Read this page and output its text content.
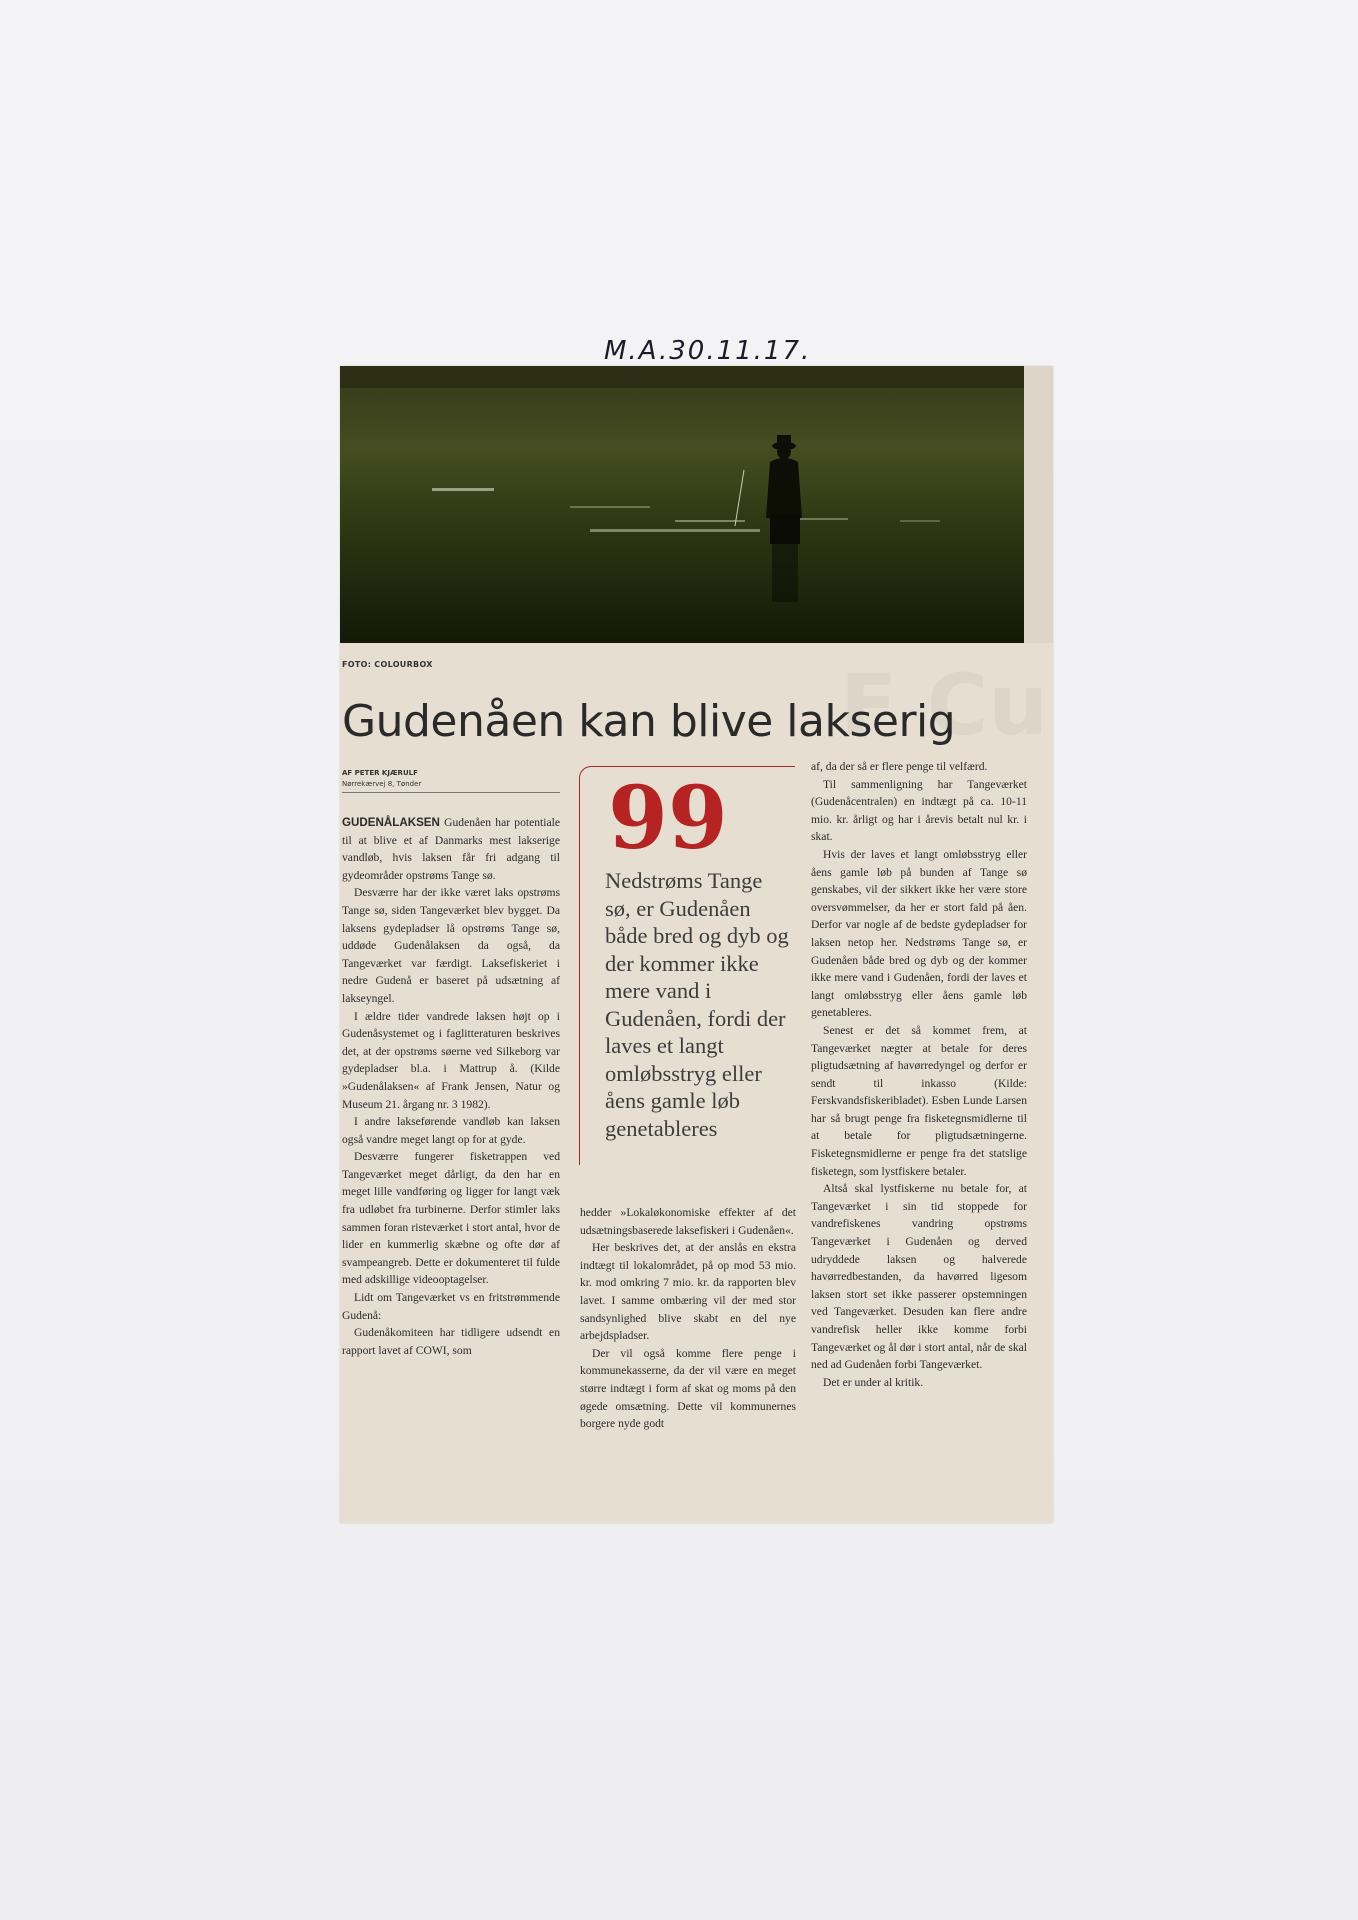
M.A.30.11.17.
FOTO: COLOURBOX
Gudenåen kan blive lakserig
AF PETER KJÆRULF
Nørrekærvej 8, Tønder

GUDENÅLAKSEN Gudenåen har potentiale til at blive et af Danmarks mest lakserige vandløb, hvis laksen får fri adgang til gydeområder opstrøms Tange sø.

Desværre har der ikke været laks opstrøms Tange sø, siden Tangeværket blev bygget. Da laksens gydepladser lå opstrøms Tange sø, uddøde Gudenålaksen da også, da Tangeværket var færdigt. Laksefiskeriet i nedre Gudenå er baseret på udsætning af lakseyngel.

I ældre tider vandrede laksen højt op i Gudenåsystemet og i faglitteraturen beskrives det, at der opstrøms søerne ved Silkeborg var gydepladser bl.a. i Mattrup å. (Kilde »Gudenålaksen« af Frank Jensen, Natur og Museum 21. årgang nr. 3 1982).

I andre lakseførende vandløb kan laksen også vandre meget langt op for at gyde.

Desværre fungerer fisketrappen ved Tangeværket meget dårligt, da den har en meget lille vandføring og ligger for langt væk fra udløbet fra turbinerne. Derfor stimler laks sammen foran risteværket i stort antal, hvor de lider en kummerlig skæbne og ofte dør af svampeangreb. Dette er dokumenteret til fulde med adskillige videooptagelser.

Lidt om Tangeværket vs en fritstrømmende Gudenå:

Gudenåkomiteen har tidligere udsendt en rapport lavet af COWI, som

99
Nedstrøms Tange sø, er Gudenåen både bred og dyb og der kommer ikke mere vand i Gudenåen, fordi der laves et langt omløbsstryg eller åens gamle løb genetableres

hedder »Lokaløkonomiske effekter af det udsætningsbaserede laksefiskeri i Gudenåen«.

Her beskrives det, at der anslås en ekstra indtægt til lokalområdet, på op mod 53 mio. kr. mod omkring 7 mio. kr. da rapporten blev lavet. I samme ombæring vil der med stor sandsynlighed blive skabt en del nye arbejdspladser.

Der vil også komme flere penge i kommunekasserne, da der vil være en meget større indtægt i form af skat og moms på den øgede omsætning. Dette vil kommunernes borgere nyde godt

af, da der så er flere penge til velfærd.

Til sammenligning har Tangeværket (Gudenåcentralen) en indtægt på ca. 10-11 mio. kr. årligt og har i årevis betalt nul kr. i skat.

Hvis der laves et langt omløbsstryg eller åens gamle løb på bunden af Tange sø genskabes, vil der sikkert ikke her være store oversvømmelser, da her er stort fald på åen. Derfor var nogle af de bedste gydepladser for laksen netop her. Nedstrøms Tange sø, er Gudenåen både bred og dyb og der kommer ikke mere vand i Gudenåen, fordi der laves et langt omløbsstryg eller åens gamle løb genetableres.

Senest er det så kommet frem, at Tangeværket nægter at betale for deres pligtudsætning af havørredyngel og derfor er sendt til inkasso (Kilde: Ferskvandsfiskeribladet). Esben Lunde Larsen har så brugt penge fra fisketegnsmidlerne til at betale for pligtudsætningerne. Fisketegnsmidlerne er penge fra det statslige fisketegn, som lystfiskere betaler.

Altså skal lystfiskerne nu betale for, at Tangeværket i sin tid stoppede for vandrefiskenes vandring opstrøms Tangeværket i Gudenåen og derved udryddede laksen og halverede havørredbestanden, da havørred ligesom laksen stort set ikke passerer opstemningen ved Tangeværket. Desuden kan flere andre vandrefisk heller ikke komme forbi Tangeværket og ål dør i stort antal, når de skal ned ad Gudenåen forbi Tangeværket.

Det er under al kritik.
